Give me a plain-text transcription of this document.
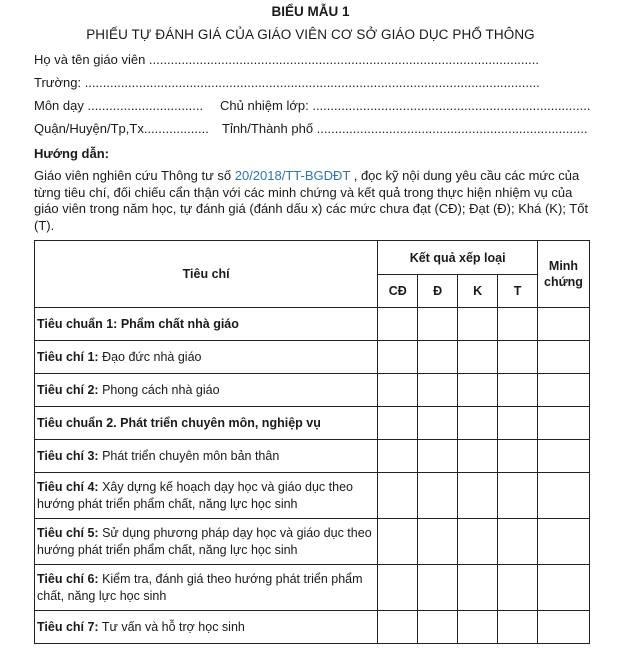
BIỂU MẪU 1
PHIẾU TỰ ĐÁNH GIÁ CỦA GIÁO VIÊN CƠ SỞ GIÁO DỤC PHỔ THÔNG
Họ và tên giáo viên ............................................................................................................
Trường: ..............................................................................................................................
Môn dạy ................................ Chủ nhiệm lớp: .............................................................................
Quận/Huyện/Tp,Tx.................. Tỉnh/Thành phố ...........................................................................
Hướng dẫn:
Giáo viên nghiên cứu Thông tư số 20/2018/TT-BGDĐT , đọc kỹ nội dung yêu cầu các mức của từng tiêu chí, đối chiếu cẩn thận với các minh chứng và kết quả trong thực hiện nhiệm vụ của giáo viên trong năm học, tự đánh giá (đánh dấu x) các mức chưa đạt (CĐ); Đạt (Đ); Khá (K); Tốt (T).
Tiêu chí	Kết quả xếp loại				Minh chứng
	CĐ	Đ	K	T	
Tiêu chuẩn 1: Phẩm chất nhà giáo					
Tiêu chí 1: Đạo đức nhà giáo					
Tiêu chí 2: Phong cách nhà giáo					
Tiêu chuẩn 2. Phát triển chuyên môn, nghiệp vụ					
Tiêu chí 3: Phát triển chuyên môn bản thân					
Tiêu chí 4: Xây dựng kế hoạch dạy học và giáo dục theo hướng phát triển phẩm chất, năng lực học sinh					
Tiêu chí 5: Sử dụng phương pháp dạy học và giáo dục theo hướng phát triển phẩm chất, năng lực học sinh					
Tiêu chí 6: Kiểm tra, đánh giá theo hướng phát triển phẩm chất, năng lực học sinh					
Tiêu chí 7: Tư vấn và hỗ trợ học sinh					
